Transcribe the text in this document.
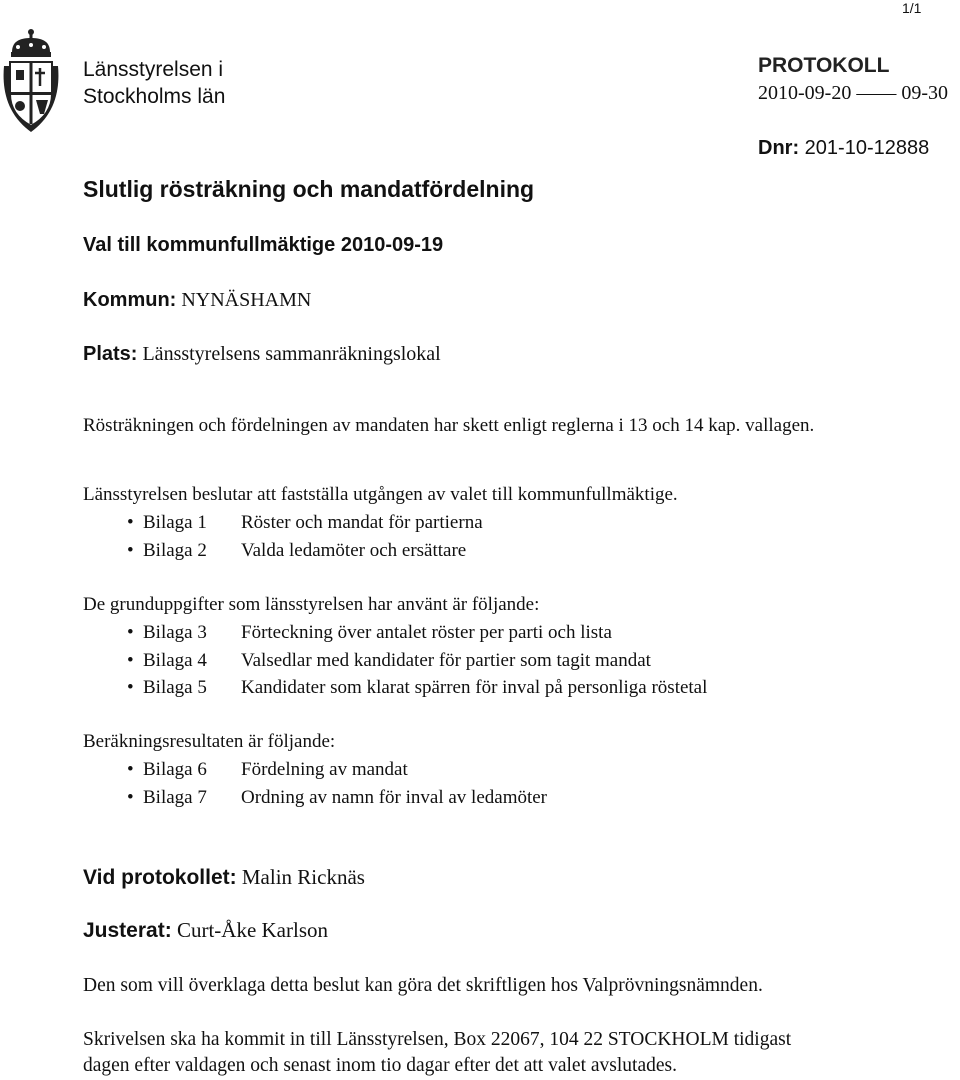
1/1
Länsstyrelsen i
Stockholms län
PROTOKOLL
2010-09-20 —— 09-30
Dnr: 201-10-12888
Slutlig rösträkning och mandatfördelning
Val till kommunfullmäktige 2010-09-19
Kommun: NYNÄSHAMN
Plats: Länsstyrelsens sammanräkningslokal
Rösträkningen och fördelningen av mandaten har skett enligt reglerna i 13 och 14 kap. vallagen.
Länsstyrelsen beslutar att fastställa utgången av valet till kommunfullmäktige.
• Bilaga 1 Röster och mandat för partierna
• Bilaga 2 Valda ledamöter och ersättare
De grunduppgifter som länsstyrelsen har använt är följande:
• Bilaga 3 Förteckning över antalet röster per parti och lista
• Bilaga 4 Valsedlar med kandidater för partier som tagit mandat
• Bilaga 5 Kandidater som klarat spärren för inval på personliga röstetal
Beräkningsresultaten är följande:
• Bilaga 6 Fördelning av mandat
• Bilaga 7 Ordning av namn för inval av ledamöter
Vid protokollet: Malin Ricknäs
Justerat: Curt-Åke Karlson
Den som vill överklaga detta beslut kan göra det skriftligen hos Valprövningsnämnden.
Skrivelsen ska ha kommit in till Länsstyrelsen, Box 22067, 104 22 STOCKHOLM tidigast
dagen efter valdagen och senast inom tio dagar efter det att valet avslutades.
